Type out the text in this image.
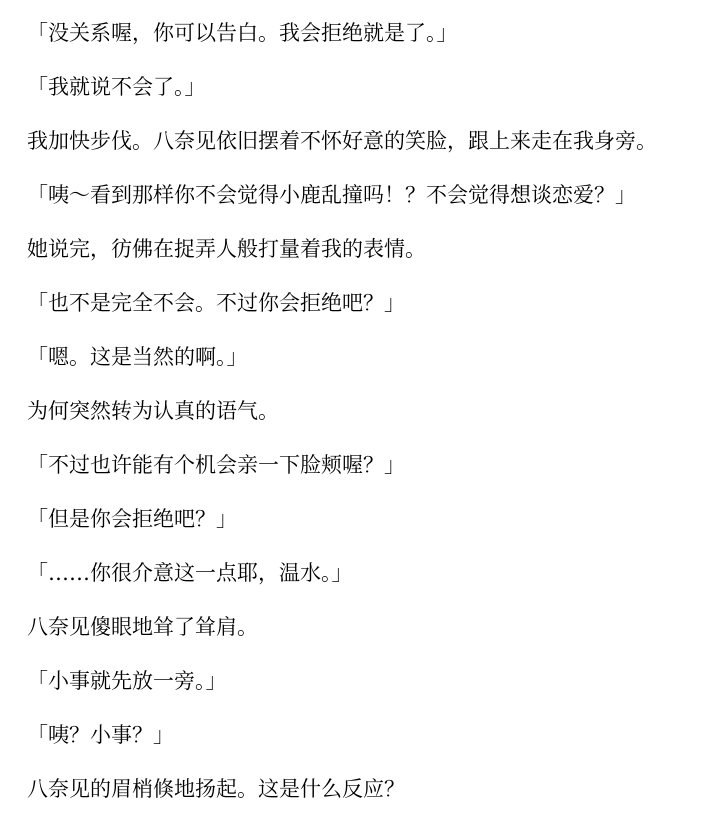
「没关系喔，你可以告白。我会拒绝就是了。」
「我就说不会了。」
我加快步伐。八奈见依旧摆着不怀好意的笑脸，跟上来走在我身旁。
「咦～看到那样你不会觉得小鹿乱撞吗！？不会觉得想谈恋爱？」
她说完，彷佛在捉弄人般打量着我的表情。
「也不是完全不会。不过你会拒绝吧？」
「嗯。这是当然的啊。」
为何突然转为认真的语气。
「不过也许能有个机会亲一下脸颊喔？」
「但是你会拒绝吧？」
「……你很介意这一点耶，温水。」
八奈见傻眼地耸了耸肩。
「小事就先放一旁。」
「咦？小事？」
八奈见的眉梢倏地扬起。这是什么反应？
